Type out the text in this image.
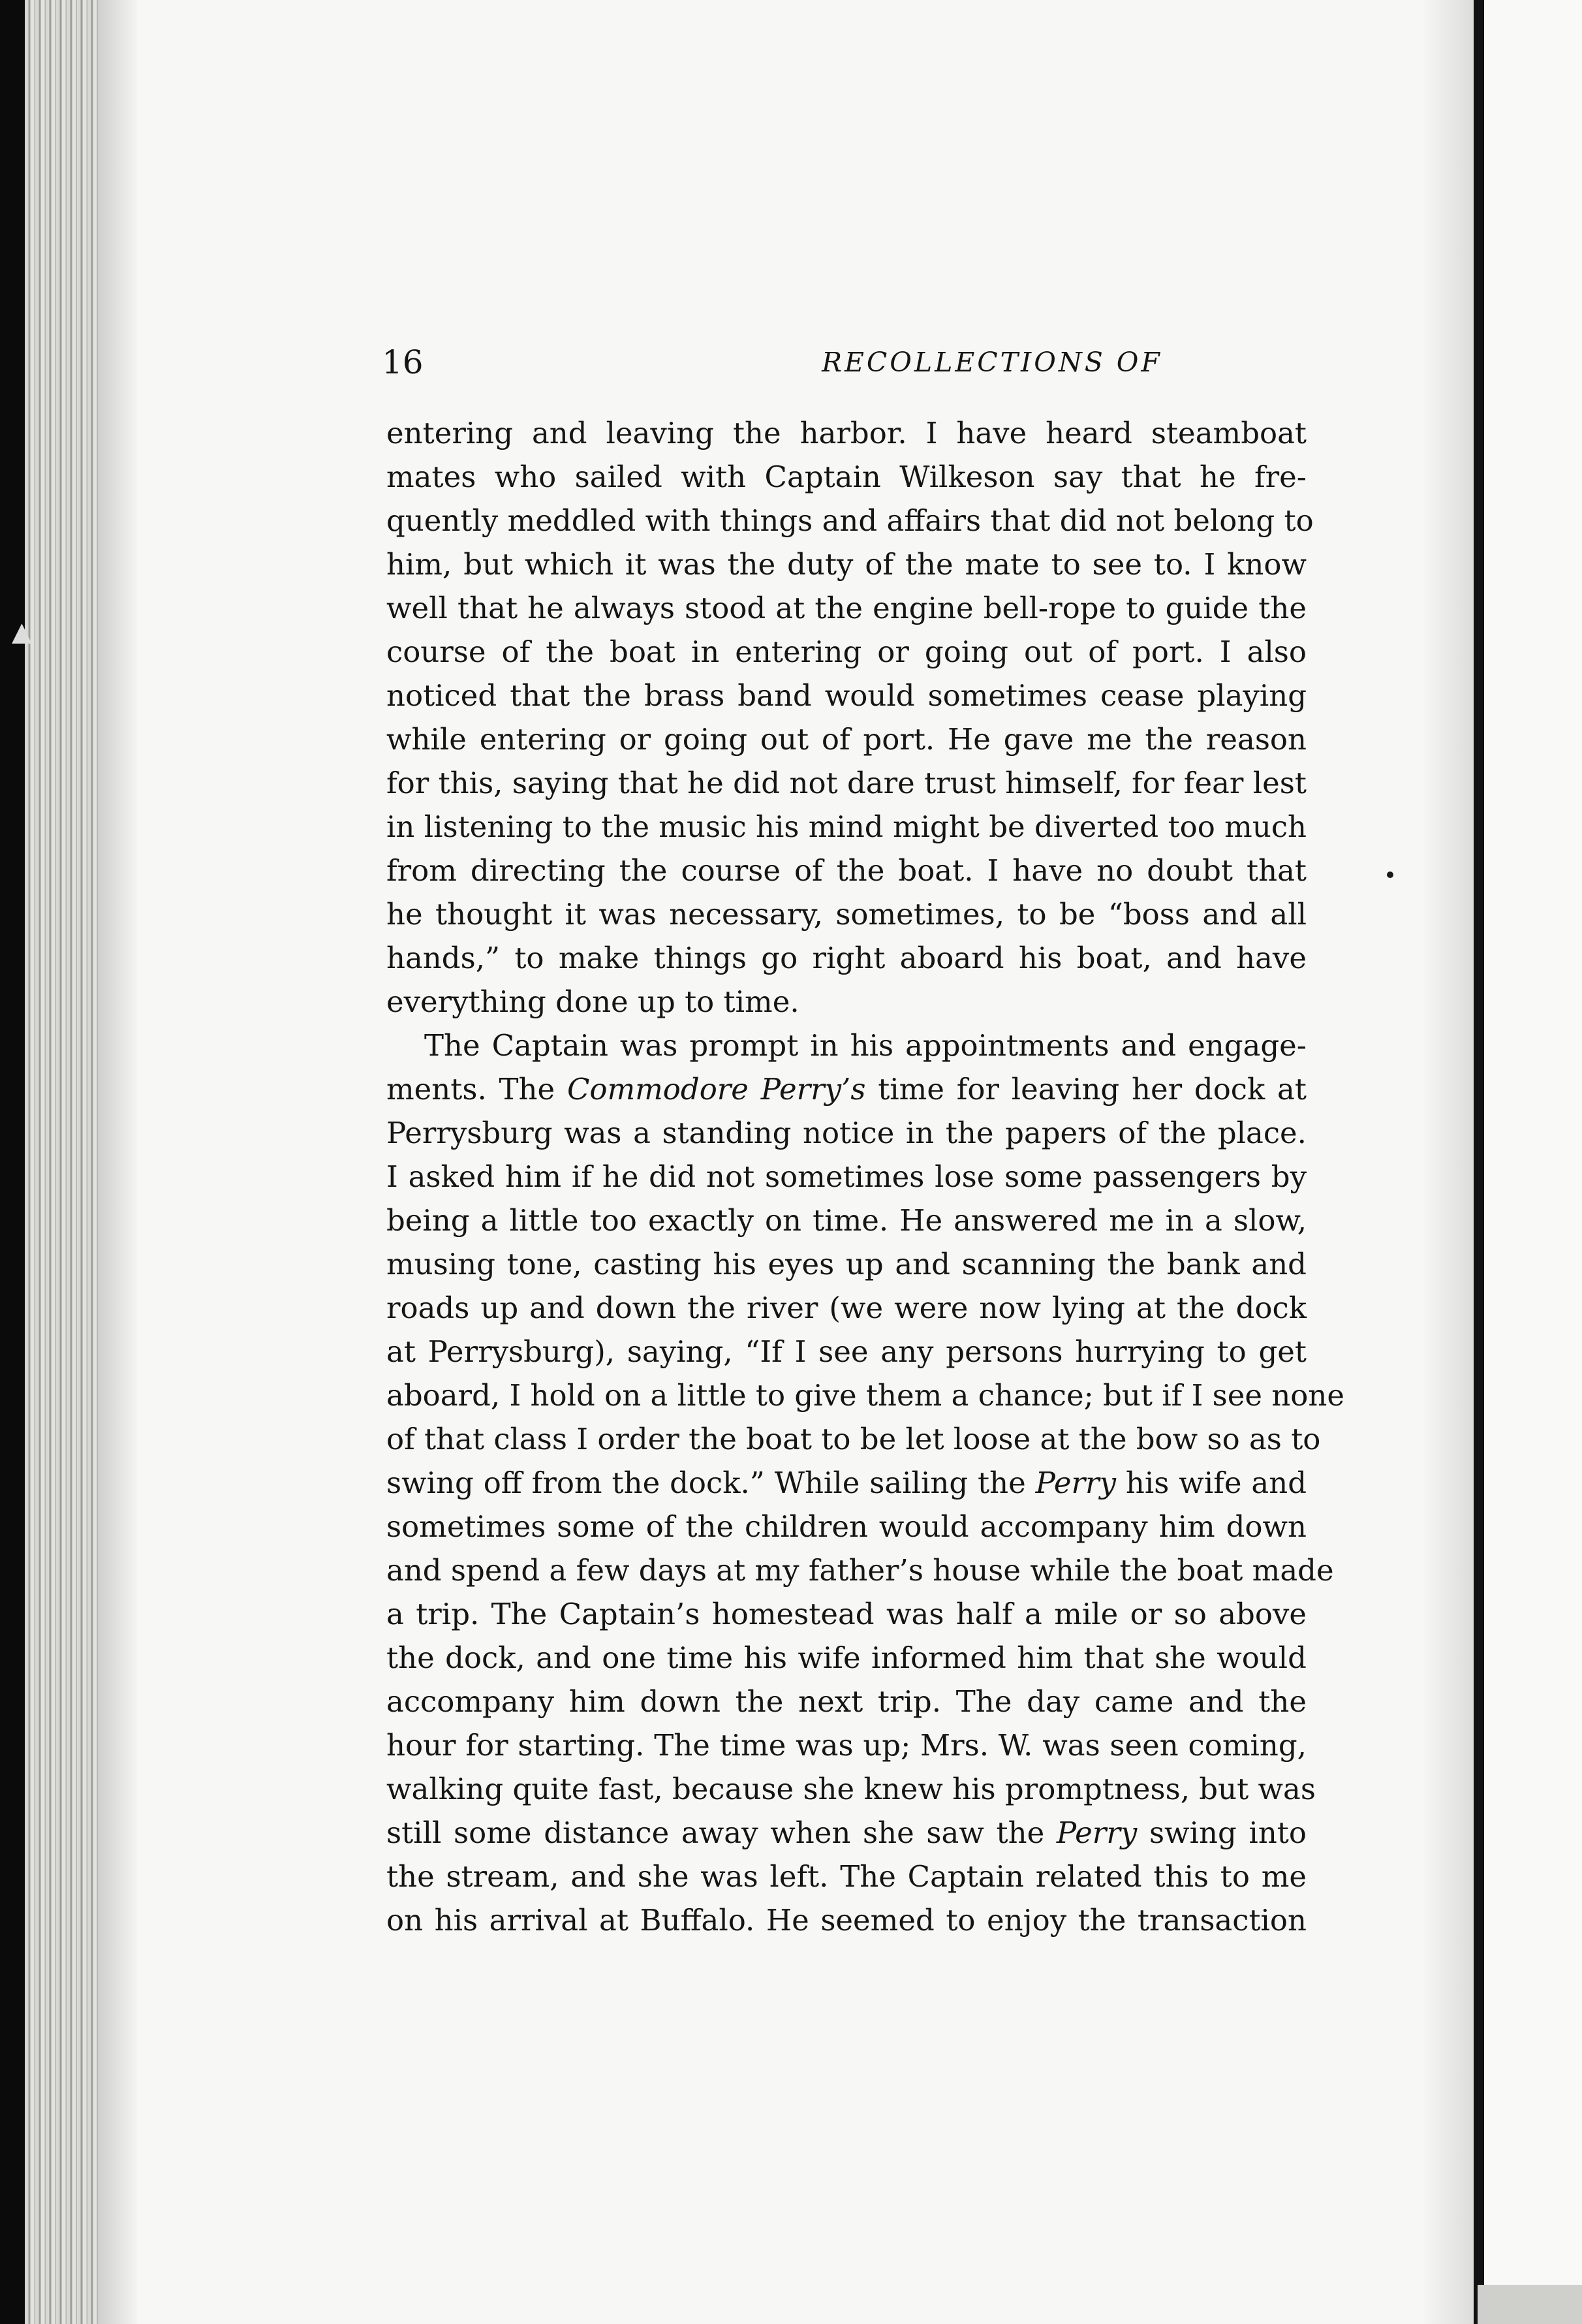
▲
16	RECOLLECTIONS OF
entering and leaving the harbor. I have heard steamboat
mates who sailed with Captain Wilkeson say that he fre-
quently meddled with things and affairs that did not belong to
him, but which it was the duty of the mate to see to. I know
well that he always stood at the engine bell-rope to guide the
course of the boat in entering or going out of port. I also
noticed that the brass band would sometimes cease playing
while entering or going out of port. He gave me the reason
for this, saying that he did not dare trust himself, for fear lest
in listening to the music his mind might be diverted too much
from directing the course of the boat. I have no doubt that
he thought it was necessary, sometimes, to be “boss and all
hands,” to make things go right aboard his boat, and have
everything done up to time.
The Captain was prompt in his appointments and engage-
ments. The Commodore Perry’s time for leaving her dock at
Perrysburg was a standing notice in the papers of the place.
I asked him if he did not sometimes lose some passengers by
being a little too exactly on time. He answered me in a slow,
musing tone, casting his eyes up and scanning the bank and
roads up and down the river (we were now lying at the dock
at Perrysburg), saying, “If I see any persons hurrying to get
aboard, I hold on a little to give them a chance; but if I see none
of that class I order the boat to be let loose at the bow so as to
swing off from the dock.” While sailing the Perry his wife and
sometimes some of the children would accompany him down
and spend a few days at my father’s house while the boat made
a trip. The Captain’s homestead was half a mile or so above
the dock, and one time his wife informed him that she would
accompany him down the next trip. The day came and the
hour for starting. The time was up; Mrs. W. was seen coming,
walking quite fast, because she knew his promptness, but was
still some distance away when she saw the Perry swing into
the stream, and she was left. The Captain related this to me
on his arrival at Buffalo. He seemed to enjoy the transaction
